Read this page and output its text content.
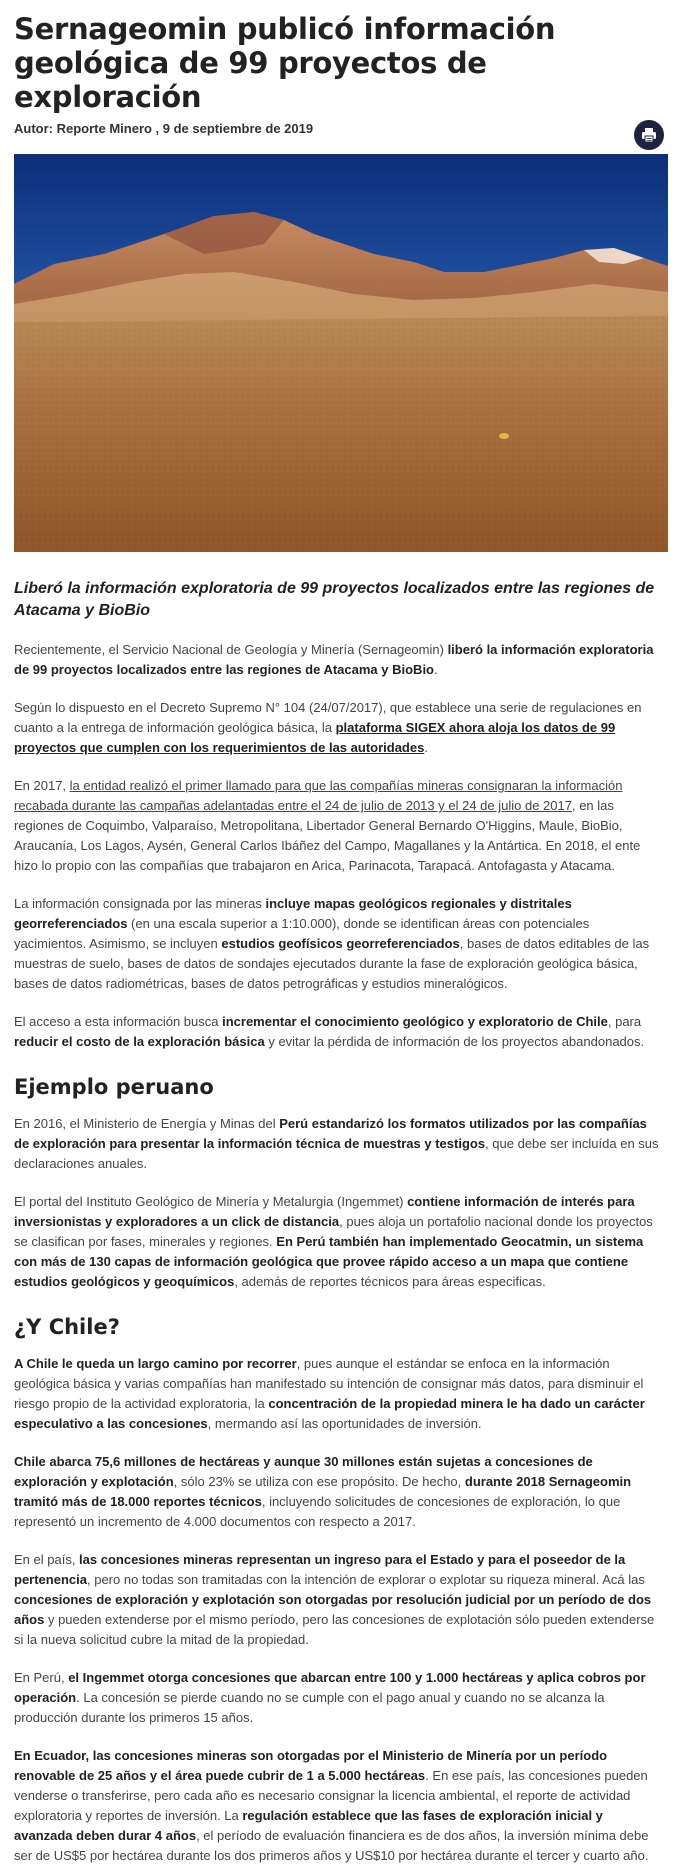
Sernageomin publicó información geológica de 99 proyectos de exploración
Autor: Reporte Minero , 9 de septiembre de 2019

Liberó la información exploratoria de 99 proyectos localizados entre las regiones de Atacama y BioBio

Recientemente, el Servicio Nacional de Geología y Minería (Sernageomin) liberó la información exploratoria de 99 proyectos localizados entre las regiones de Atacama y BioBio.

Según lo dispuesto en el Decreto Supremo N° 104 (24/07/2017), que establece una serie de regulaciones en cuanto a la entrega de información geológica básica, la plataforma SIGEX ahora aloja los datos de 99 proyectos que cumplen con los requerimientos de las autoridades.

En 2017, la entidad realizó el primer llamado para que las compañías mineras consignaran la información recabada durante las campañas adelantadas entre el 24 de julio de 2013 y el 24 de julio de 2017, en las regiones de Coquimbo, Valparaíso, Metropolitana, Libertador General Bernardo O'Higgins, Maule, BioBio, Araucanía, Los Lagos, Aysén, General Carlos Ibáñez del Campo, Magallanes y la Antártica. En 2018, el ente hizo lo propio con las compañías que trabajaron en Arica, Parinacota, Tarapacá. Antofagasta y Atacama.

La información consignada por las mineras incluye mapas geológicos regionales y distritales georreferenciados (en una escala superior a 1:10.000), donde se identifican áreas con potenciales yacimientos. Asimismo, se incluyen estudios geofísicos georreferenciados, bases de datos editables de las muestras de suelo, bases de datos de sondajes ejecutados durante la fase de exploración geológica básica, bases de datos radiométricas, bases de datos petrográficas y estudios mineralógicos.

El acceso a esta información busca incrementar el conocimiento geológico y exploratorio de Chile, para reducir el costo de la exploración básica y evitar la pérdida de información de los proyectos abandonados.

Ejemplo peruano

En 2016, el Ministerio de Energía y Minas del Perú estandarizó los formatos utilizados por las compañías de exploración para presentar la información técnica de muestras y testigos, que debe ser incluída en sus declaraciones anuales.

El portal del Instituto Geológico de Minería y Metalurgia (Ingemmet) contiene información de interés para inversionistas y exploradores a un click de distancia, pues aloja un portafolio nacional donde los proyectos se clasifican por fases, minerales y regiones. En Perú también han implementado Geocatmin, un sistema con más de 130 capas de información geológica que provee rápido acceso a un mapa que contiene estudios geológicos y geoquímicos, además de reportes técnicos para áreas especificas.

¿Y Chile?

A Chile le queda un largo camino por recorrer, pues aunque el estándar se enfoca en la información geológica básica y varias compañías han manifestado su intención de consignar más datos, para disminuir el riesgo propio de la actividad exploratoria, la concentración de la propiedad minera le ha dado un carácter especulativo a las concesiones, mermando así las oportunidades de inversión.

Chile abarca 75,6 millones de hectáreas y aunque 30 millones están sujetas a concesiones de exploración y explotación, sólo 23% se utiliza con ese propósito. De hecho, durante 2018 Sernageomin tramitó más de 18.000 reportes técnicos, incluyendo solicitudes de concesiones de exploración, lo que representó un incremento de 4.000 documentos con respecto a 2017.

En el país, las concesiones mineras representan un ingreso para el Estado y para el poseedor de la pertenencia, pero no todas son tramitadas con la intención de explorar o explotar su riqueza mineral. Acá las concesiones de exploración y explotación son otorgadas por resolución judicial por un período de dos años y pueden extenderse por el mismo período, pero las concesiones de explotación sólo pueden extenderse si la nueva solicitud cubre la mitad de la propiedad.

En Perú, el Ingemmet otorga concesiones que abarcan entre 100 y 1.000 hectáreas y aplica cobros por operación. La concesión se pierde cuando no se cumple con el pago anual y cuando no se alcanza la producción durante los primeros 15 años.

En Ecuador, las concesiones mineras son otorgadas por el Ministerio de Minería por un período renovable de 25 años y el área puede cubrir de 1 a 5.000 hectáreas. En ese país, las concesiones pueden venderse o transferirse, pero cada año es necesario consignar la licencia ambiental, el reporte de actividad exploratoria y reportes de inversión. La regulación establece que las fases de exploración inicial y avanzada deben durar 4 años, el período de evaluación financiera es de dos años, la inversión mínima debe ser de US$5 por hectárea durante los dos primeros años y US$10 por hectárea durante el tercer y cuarto año.
